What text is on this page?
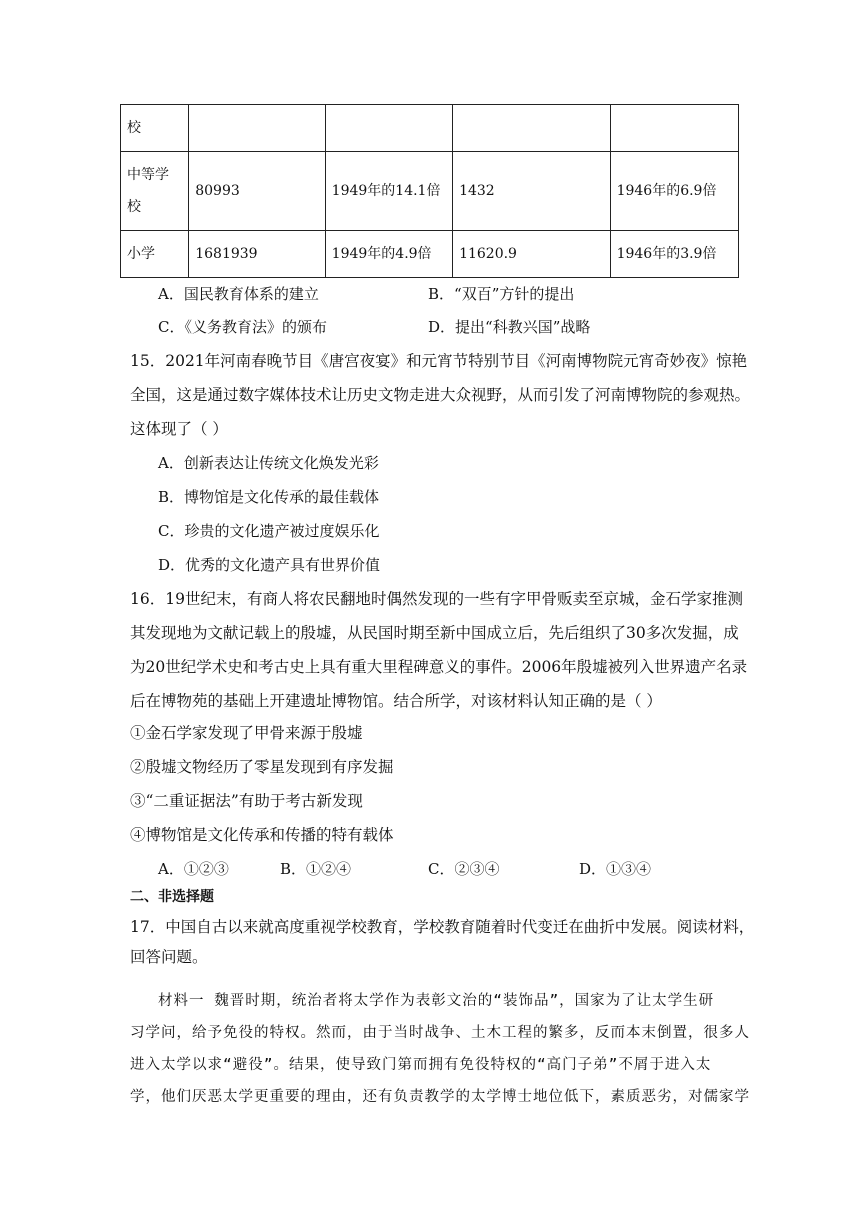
校				
中等学校	80993	1949年的14.1倍	1432	1946年的6.9倍
小学	1681939	1949年的4.9倍	11620.9	1946年的3.9倍
A．国民教育体系的建立	B．“双百”方针的提出
C．《义务教育法》的颁布	D．提出“科教兴国”战略
15．2021年河南春晚节目《唐宫夜宴》和元宵节特别节目《河南博物院元宵奇妙夜》惊艳
全国，这是通过数字媒体技术让历史文物走进大众视野，从而引发了河南博物院的参观热。
这体现了（ ）
A．创新表达让传统文化焕发光彩
B．博物馆是文化传承的最佳载体
C．珍贵的文化遗产被过度娱乐化
D．优秀的文化遗产具有世界价值
16．19世纪末，有商人将农民翻地时偶然发现的一些有字甲骨贩卖至京城，金石学家推测
其发现地为文献记载上的殷墟，从民国时期至新中国成立后，先后组织了30多次发掘，成
为20世纪学术史和考古史上具有重大里程碑意义的事件。2006年殷墟被列入世界遗产名录
后在博物苑的基础上开建遗址博物馆。结合所学，对该材料认知正确的是（ ）
①金石学家发现了甲骨来源于殷墟
②殷墟文物经历了零星发现到有序发掘
③“二重证据法”有助于考古新发现
④博物馆是文化传承和传播的特有载体
A．①②③	B．①②④	C．②③④	D．①③④
二、非选择题
17．中国自古以来就高度重视学校教育，学校教育随着时代变迁在曲折中发展。阅读材料，
回答问题。
材料一 魏晋时期，统治者将太学作为表彰文治的“装饰品”，国家为了让太学生研
习学问，给予免役的特权。然而，由于当时战争、土木工程的繁多，反而本末倒置，很多人
进入太学以求“避役”。结果，使导致门第而拥有免役特权的“高门子弟”不屑于进入太
学，他们厌恶太学更重要的理由，还有负责教学的太学博士地位低下，素质恶劣，对儒家学
